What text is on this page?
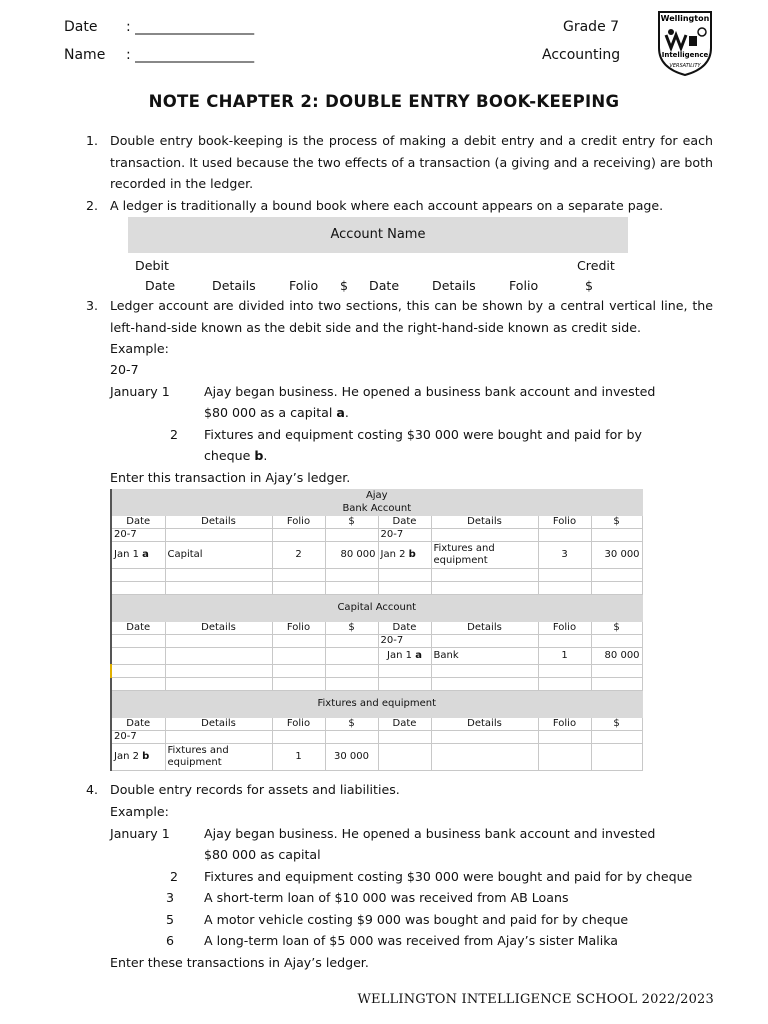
Date : _________________
Name : _________________
Grade 7
Accounting
Wellington
Intelligence
VERSATILITY
NOTE CHAPTER 2: DOUBLE ENTRY BOOK-KEEPING
1. Double entry book-keeping is the process of making a debit entry and a credit entry for each transaction. It used because the two effects of a transaction (a giving and a receiving) are both recorded in the ledger.
2. A ledger is traditionally a bound book where each account appears on a separate page.
Account Name
Debit	Credit
Date	Details	Folio $ Date	Details	Folio	$
3. Ledger account are divided into two sections, this can be shown by a central vertical line, the left-hand-side known as the debit side and the right-hand-side known as credit side.
Example:
20-7
January 1	Ajay began business. He opened a business bank account and invested
$80 000 as a capital a.
2 Fixtures and equipment costing $30 000 were bought and paid for by
cheque b.
Enter this transaction in Ajay’s ledger.
Ajay							
Bank Account							
Date	Details	Folio	$	Date	Details	Folio	$
20-7				20-7			
Jan 1 a	Capital	2	80 000	Jan 2 b	Fixtures and equipment	3	30 000

Capital Account							
Date	Details	Folio	$	Date	Details	Folio	$
				20-7			
				Jan 1 a	Bank	1	80 000

Fixtures and equipment							
Date	Details	Folio	$	Date	Details	Folio	$
20-7							
Jan 2 b	Fixtures and equipment	1	30 000				
4. Double entry records for assets and liabilities.
Example:
January 1	Ajay began business. He opened a business bank account and invested
$80 000 as capital
2 Fixtures and equipment costing $30 000 were bought and paid for by cheque
3 A short-term loan of $10 000 was received from AB Loans
5 A motor vehicle costing $9 000 was bought and paid for by cheque
6 A long-term loan of $5 000 was received from Ajay’s sister Malika
Enter these transactions in Ajay’s ledger.
WELLINGTON INTELLIGENCE SCHOOL 2022/2023
